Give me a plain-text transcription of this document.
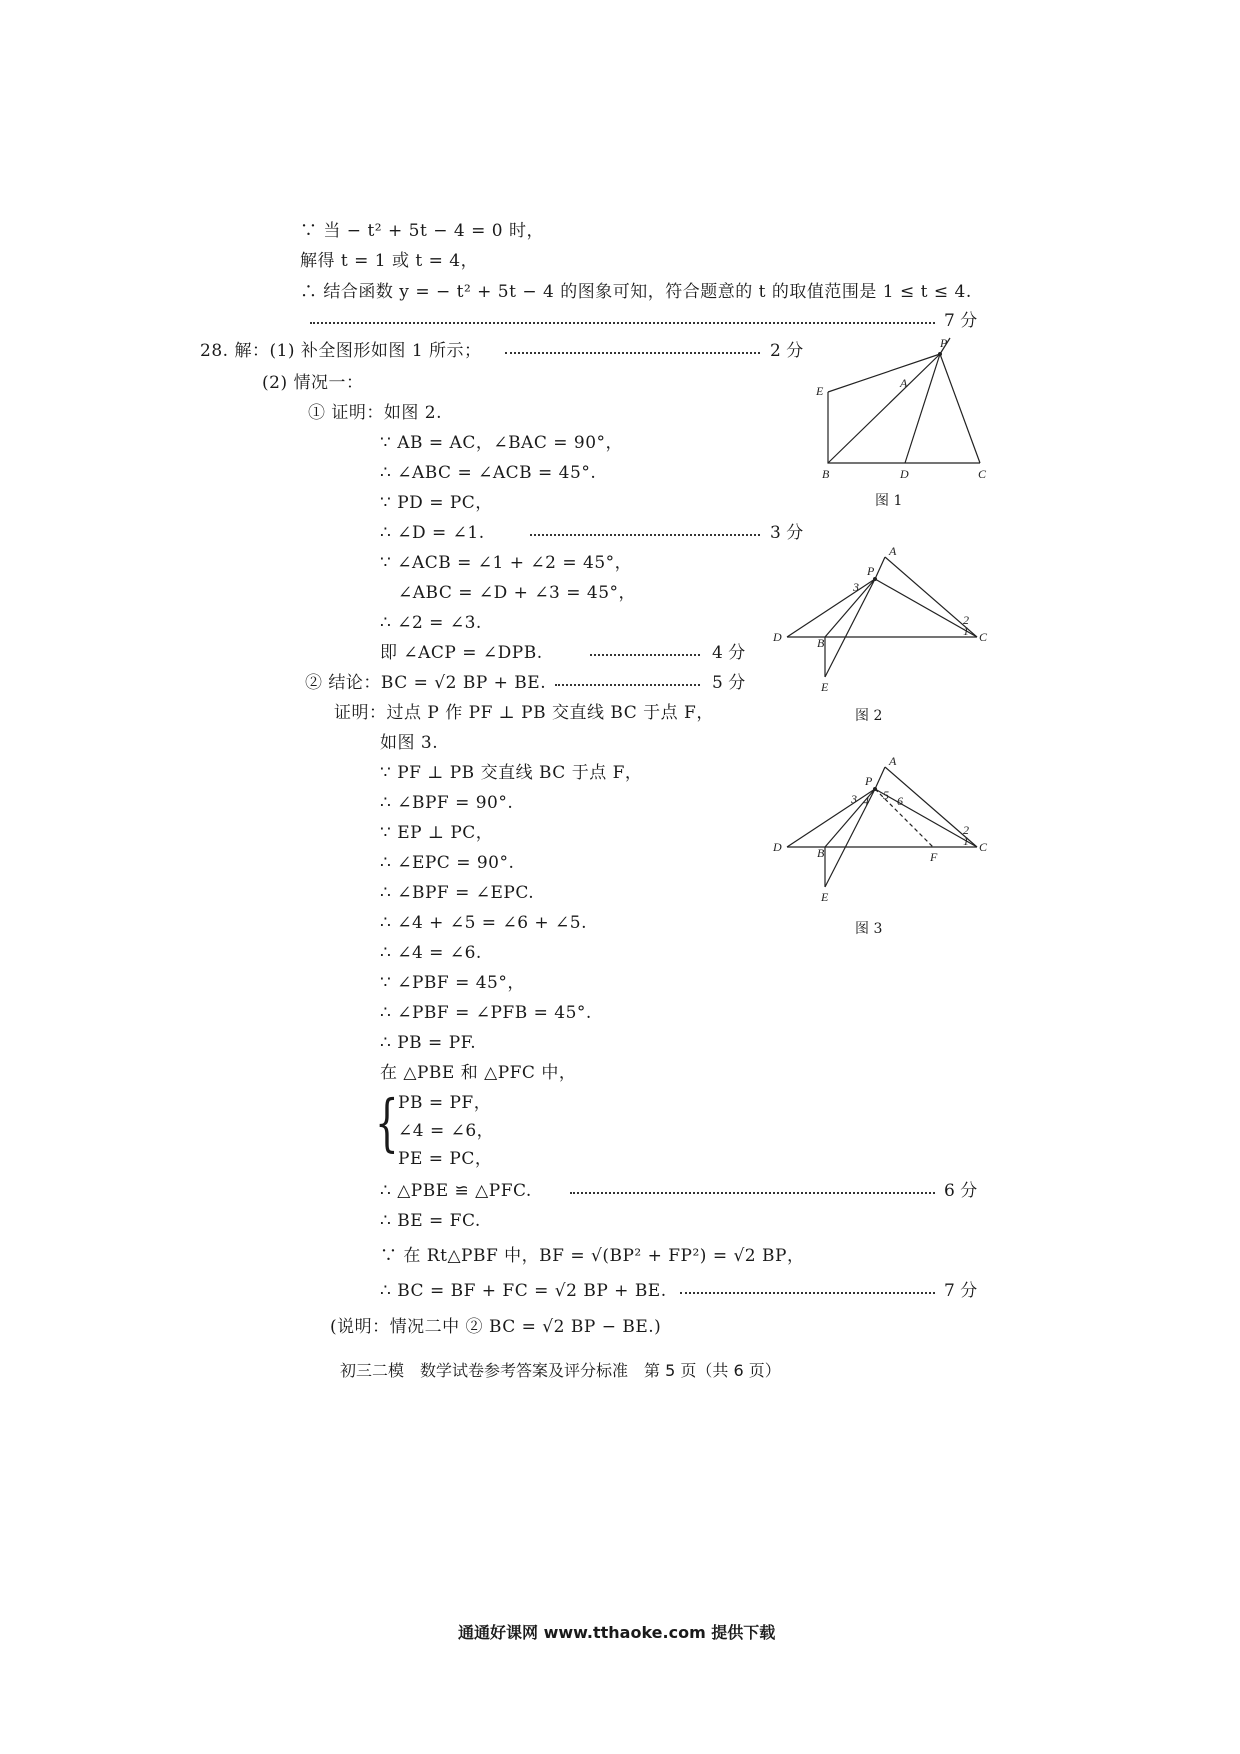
∵ 当 − t² + 5t − 4 = 0 时，
解得 t = 1 或 t = 4，
∴ 结合函数 y = − t² + 5t − 4 的图象可知，符合题意的 t 的取值范围是 1 ≤ t ≤ 4.
7 分
28. 解：(1) 补全图形如图 1 所示；	2 分
(2) 情况一：
① 证明：如图 2.
∵ AB = AC，∠BAC = 90°，
∴ ∠ABC = ∠ACB = 45°.
∵ PD = PC，
∴ ∠D = ∠1.	3 分
∵ ∠ACB = ∠1 + ∠2 = 45°，
∠ABC = ∠D + ∠3 = 45°，
∴ ∠2 = ∠3.
即 ∠ACP = ∠DPB.	4 分
② 结论：BC = √2 BP + BE.	5 分
证明：过点 P 作 PF ⊥ PB 交直线 BC 于点 F，
如图 3.
∵ PF ⊥ PB 交直线 BC 于点 F，
∴ ∠BPF = 90°.
∵ EP ⊥ PC，
∴ ∠EPC = 90°.
∴ ∠BPF = ∠EPC.
∴ ∠4 + ∠5 = ∠6 + ∠5.
∴ ∠4 = ∠6.
∵ ∠PBF = 45°，
∴ ∠PBF = ∠PFB = 45°.
∴ PB = PF.
在 △PBE 和 △PFC 中，
{ PB = PF，
∠4 = ∠6，
PE = PC，
∴ △PBE ≌ △PFC.	6 分
∴ BE = FC.
∵ 在 Rt△PBF 中，BF = √(BP² + FP²) = √2 BP，
∴ BC = BF + FC = √2 BP + BE.	7 分
(说明：情况二中 ② BC = √2 BP − BE.)
初三二模　数学试卷参考答案及评分标准　第 5 页（共 6 页）
通通好课网 www.tthaoke.com 提供下载
P
A
E
B	D	C
图 1
A
P
D	B	C
E
1
2
3
图 2
A
P
D	B	F
C
E
1
2
3 4 5 6
图 3
